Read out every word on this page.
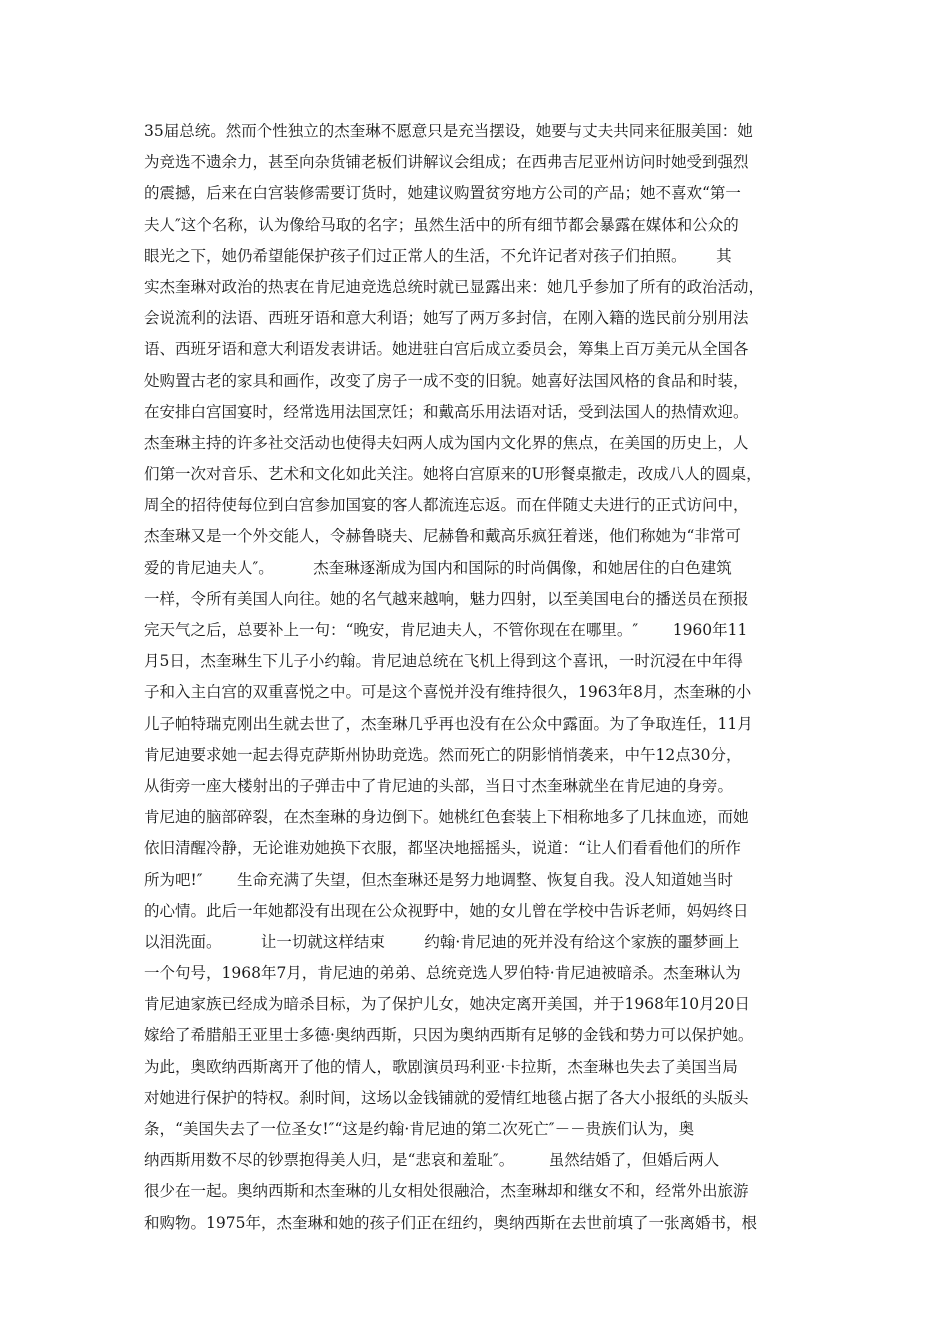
35届总统。然而个性独立的杰奎琳不愿意只是充当摆设，她要与丈夫共同来征服美国：她
为竞选不遗余力，甚至向杂货铺老板们讲解议会组成；在西弗吉尼亚州访问时她受到强烈
的震撼，后来在白宫装修需要订货时，她建议购置贫穷地方公司的产品；她不喜欢“第一
夫人″这个名称，认为像给马取的名字；虽然生活中的所有细节都会暴露在媒体和公众的
眼光之下，她仍希望能保护孩子们过正常人的生活，不允许记者对孩子们拍照。      其
实杰奎琳对政治的热衷在肯尼迪竞选总统时就已显露出来：她几乎参加了所有的政治活动，
会说流利的法语、西班牙语和意大利语；她写了两万多封信，在刚入籍的选民前分别用法
语、西班牙语和意大利语发表讲话。她进驻白宫后成立委员会，筹集上百万美元从全国各
处购置古老的家具和画作，改变了房子一成不变的旧貌。她喜好法国风格的食品和时装，
在安排白宫国宴时，经常选用法国烹饪；和戴高乐用法语对话，受到法国人的热情欢迎。
杰奎琳主持的许多社交活动也使得夫妇两人成为国内文化界的焦点，在美国的历史上，人
们第一次对音乐、艺术和文化如此关注。她将白宫原来的U形餐桌撤走，改成八人的圆桌，
周全的招待使每位到白宫参加国宴的客人都流连忘返。而在伴随丈夫进行的正式访问中，
杰奎琳又是一个外交能人，令赫鲁晓夫、尼赫鲁和戴高乐疯狂着迷，他们称她为“非常可
爱的肯尼迪夫人″。        杰奎琳逐渐成为国内和国际的时尚偶像，和她居住的白色建筑
一样，令所有美国人向往。她的名气越来越响，魅力四射，以至美国电台的播送员在预报
完天气之后，总要补上一句：“晚安，肯尼迪夫人，不管你现在在哪里。″       1960年11
月5日，杰奎琳生下儿子小约翰。肯尼迪总统在飞机上得到这个喜讯，一时沉浸在中年得
子和入主白宫的双重喜悦之中。可是这个喜悦并没有维持很久，1963年8月，杰奎琳的小
儿子帕特瑞克刚出生就去世了，杰奎琳几乎再也没有在公众中露面。为了争取连任，11月
肯尼迪要求她一起去得克萨斯州协助竞选。然而死亡的阴影悄悄袭来，中午12点30分，
从街旁一座大楼射出的子弹击中了肯尼迪的头部，当日寸杰奎琳就坐在肯尼迪的身旁。
肯尼迪的脑部碎裂，在杰奎琳的身边倒下。她桃红色套装上下相称地多了几抹血迹，而她
依旧清醒冷静，无论谁劝她换下衣服，都坚决地摇摇头，说道：“让人们看看他们的所作
所为吧!″       生命充满了失望，但杰奎琳还是努力地调整、恢复自我。没人知道她当时
的心情。此后一年她都没有出现在公众视野中，她的女儿曾在学校中告诉老师，妈妈终日
以泪洗面。        让一切就这样结束        约翰·肯尼迪的死并没有给这个家族的噩梦画上
一个句号，1968年7月，肯尼迪的弟弟、总统竞选人罗伯特·肯尼迪被暗杀。杰奎琳认为
肯尼迪家族已经成为暗杀目标，为了保护儿女，她决定离开美国，并于1968年10月20日
嫁给了希腊船王亚里士多德·奥纳西斯，只因为奥纳西斯有足够的金钱和势力可以保护她。
为此，奥欧纳西斯离开了他的情人，歌剧演员玛利亚·卡拉斯，杰奎琳也失去了美国当局
对她进行保护的特权。刹时间，这场以金钱铺就的爱情红地毯占据了各大小报纸的头版头
条，“美国失去了一位圣女!″“这是约翰·肯尼迪的第二次死亡″－－贵族们认为，奥
纳西斯用数不尽的钞票抱得美人归，是“悲哀和羞耻″。       虽然结婚了，但婚后两人
很少在一起。奥纳西斯和杰奎琳的儿女相处很融洽，杰奎琳却和继女不和，经常外出旅游
和购物。1975年，杰奎琳和她的孩子们正在纽约，奥纳西斯在去世前填了一张离婚书，根
